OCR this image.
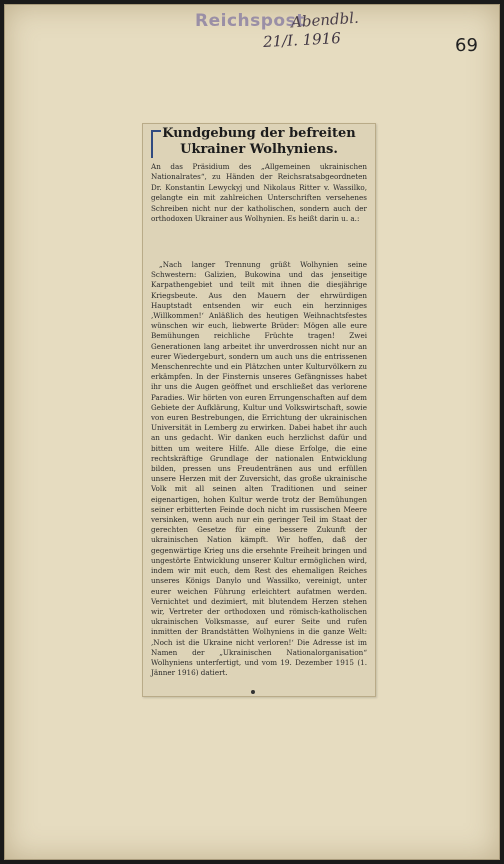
Reichspost
Abendbl.
21/I. 1916	69
Kundgebung der befreiten
Ukrainer Wolhyniens.
An das Präsidium des „Allgemeinen ukrainischen Nationalrates“, zu Händen der Reichsratsabgeordneten Dr. Konstantin Lewyckyj und Nikolaus Ritter v. Wassilko, gelangte ein mit zahlreichen Unterschriften versehenes Schreiben nicht nur der katholischen, sondern auch der orthodoxen Ukrainer aus Wolhynien. Es heißt darin u. a.:
„Nach langer Trennung grüßt Wolhynien seine Schwestern: Galizien, Bukowina und das jenseitige Karpathengebiet und teilt mit ihnen die diesjährige Kriegsbeute. Aus den Mauern der ehrwürdigen Hauptstadt entsenden wir euch ein herzinniges ‚Willkommen!‘ Anläßlich des heutigen Weihnachtsfestes wünschen wir euch, liebwerte Brüder: Mögen alle eure Bemühungen reichliche Früchte tragen! Zwei Generationen lang arbeitet ihr unverdrossen nicht nur an eurer Wiedergeburt, sondern um auch uns die entrissenen Menschenrechte und ein Plätzchen unter Kulturvölkern zu erkämpfen. In der Finsternis unseres Gefängnisses habet ihr uns die Augen geöffnet und erschließet das verlorene Paradies. Wir hörten von euren Errungenschaften auf dem Gebiete der Aufklärung, Kultur und Volkswirtschaft, sowie von euren Bestrebungen, die Errichtung der ukrainischen Universität in Lemberg zu erwirken. Dabei habet ihr auch an uns gedacht. Wir danken euch herzlichst dafür und bitten um weitere Hilfe. Alle diese Erfolge, die eine rechtskräftige Grundlage der nationalen Entwicklung bilden, pressen uns Freudentränen aus und erfüllen unsere Herzen mit der Zuversicht, das große ukrainische Volk mit all seinen alten Traditionen und seiner eigenartigen, hohen Kultur werde trotz der Bemühungen seiner erbitterten Feinde doch nicht im russischen Meere versinken, wenn auch nur ein geringer Teil im Staat der gerechten Gesetze für eine bessere Zukunft der ukrainischen Nation kämpft. Wir hoffen, daß der gegenwärtige Krieg uns die ersehnte Freiheit bringen und ungestörte Entwicklung unserer Kultur ermöglichen wird, indem wir mit euch, dem Rest des ehemaligen Reiches unseres Königs Danylo und Wassilko, vereinigt, unter eurer weichen Führung erleichtert aufatmen werden. Vernichtet und dezimiert, mit blutendem Herzen stehen wir, Vertreter der orthodoxen und römisch-katholischen ukrainischen Volksmasse, auf eurer Seite und rufen inmitten der Brandstätten Wolhyniens in die ganze Welt: ‚Noch ist die Ukraine nicht verloren!‘ Die Adresse ist im Namen der „Ukrainischen Nationalorganisation“ Wolhyniens unterfertigt, und vom 19. Dezember 1915 (1. Jänner 1916) datiert.
